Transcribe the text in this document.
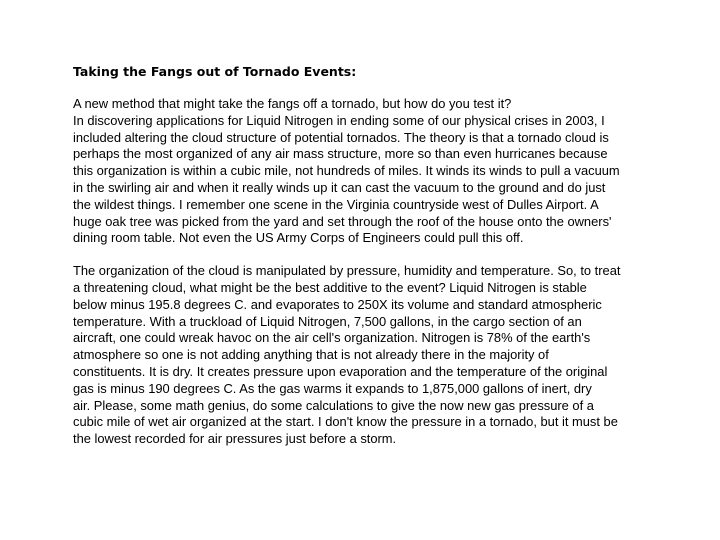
Taking the Fangs out of Tornado Events:

A new method that might take the fangs off a tornado, but how do you test it?
In discovering applications for Liquid Nitrogen in ending some of our physical crises in 2003, I
included altering the cloud structure of potential tornados. The theory is that a tornado cloud is
perhaps the most organized of any air mass structure, more so than even hurricanes because
this organization is within a cubic mile, not hundreds of miles. It winds its winds to pull a vacuum
in the swirling air and when it really winds up it can cast the vacuum to the ground and do just
the wildest things. I remember one scene in the Virginia countryside west of Dulles Airport. A
huge oak tree was picked from the yard and set through the roof of the house onto the owners'
dining room table. Not even the US Army Corps of Engineers could pull this off.

The organization of the cloud is manipulated by pressure, humidity and temperature. So, to treat
a threatening cloud, what might be the best additive to the event? Liquid Nitrogen is stable
below minus 195.8 degrees C. and evaporates to 250X its volume and standard atmospheric
temperature. With a truckload of Liquid Nitrogen, 7,500 gallons, in the cargo section of an
aircraft, one could wreak havoc on the air cell's organization. Nitrogen is 78% of the earth's
atmosphere so one is not adding anything that is not already there in the majority of
constituents. It is dry. It creates pressure upon evaporation and the temperature of the original
gas is minus 190 degrees C. As the gas warms it expands to 1,875,000 gallons of inert, dry
air. Please, some math genius, do some calculations to give the now new gas pressure of a
cubic mile of wet air organized at the start. I don't know the pressure in a tornado, but it must be
the lowest recorded for air pressures just before a storm.
